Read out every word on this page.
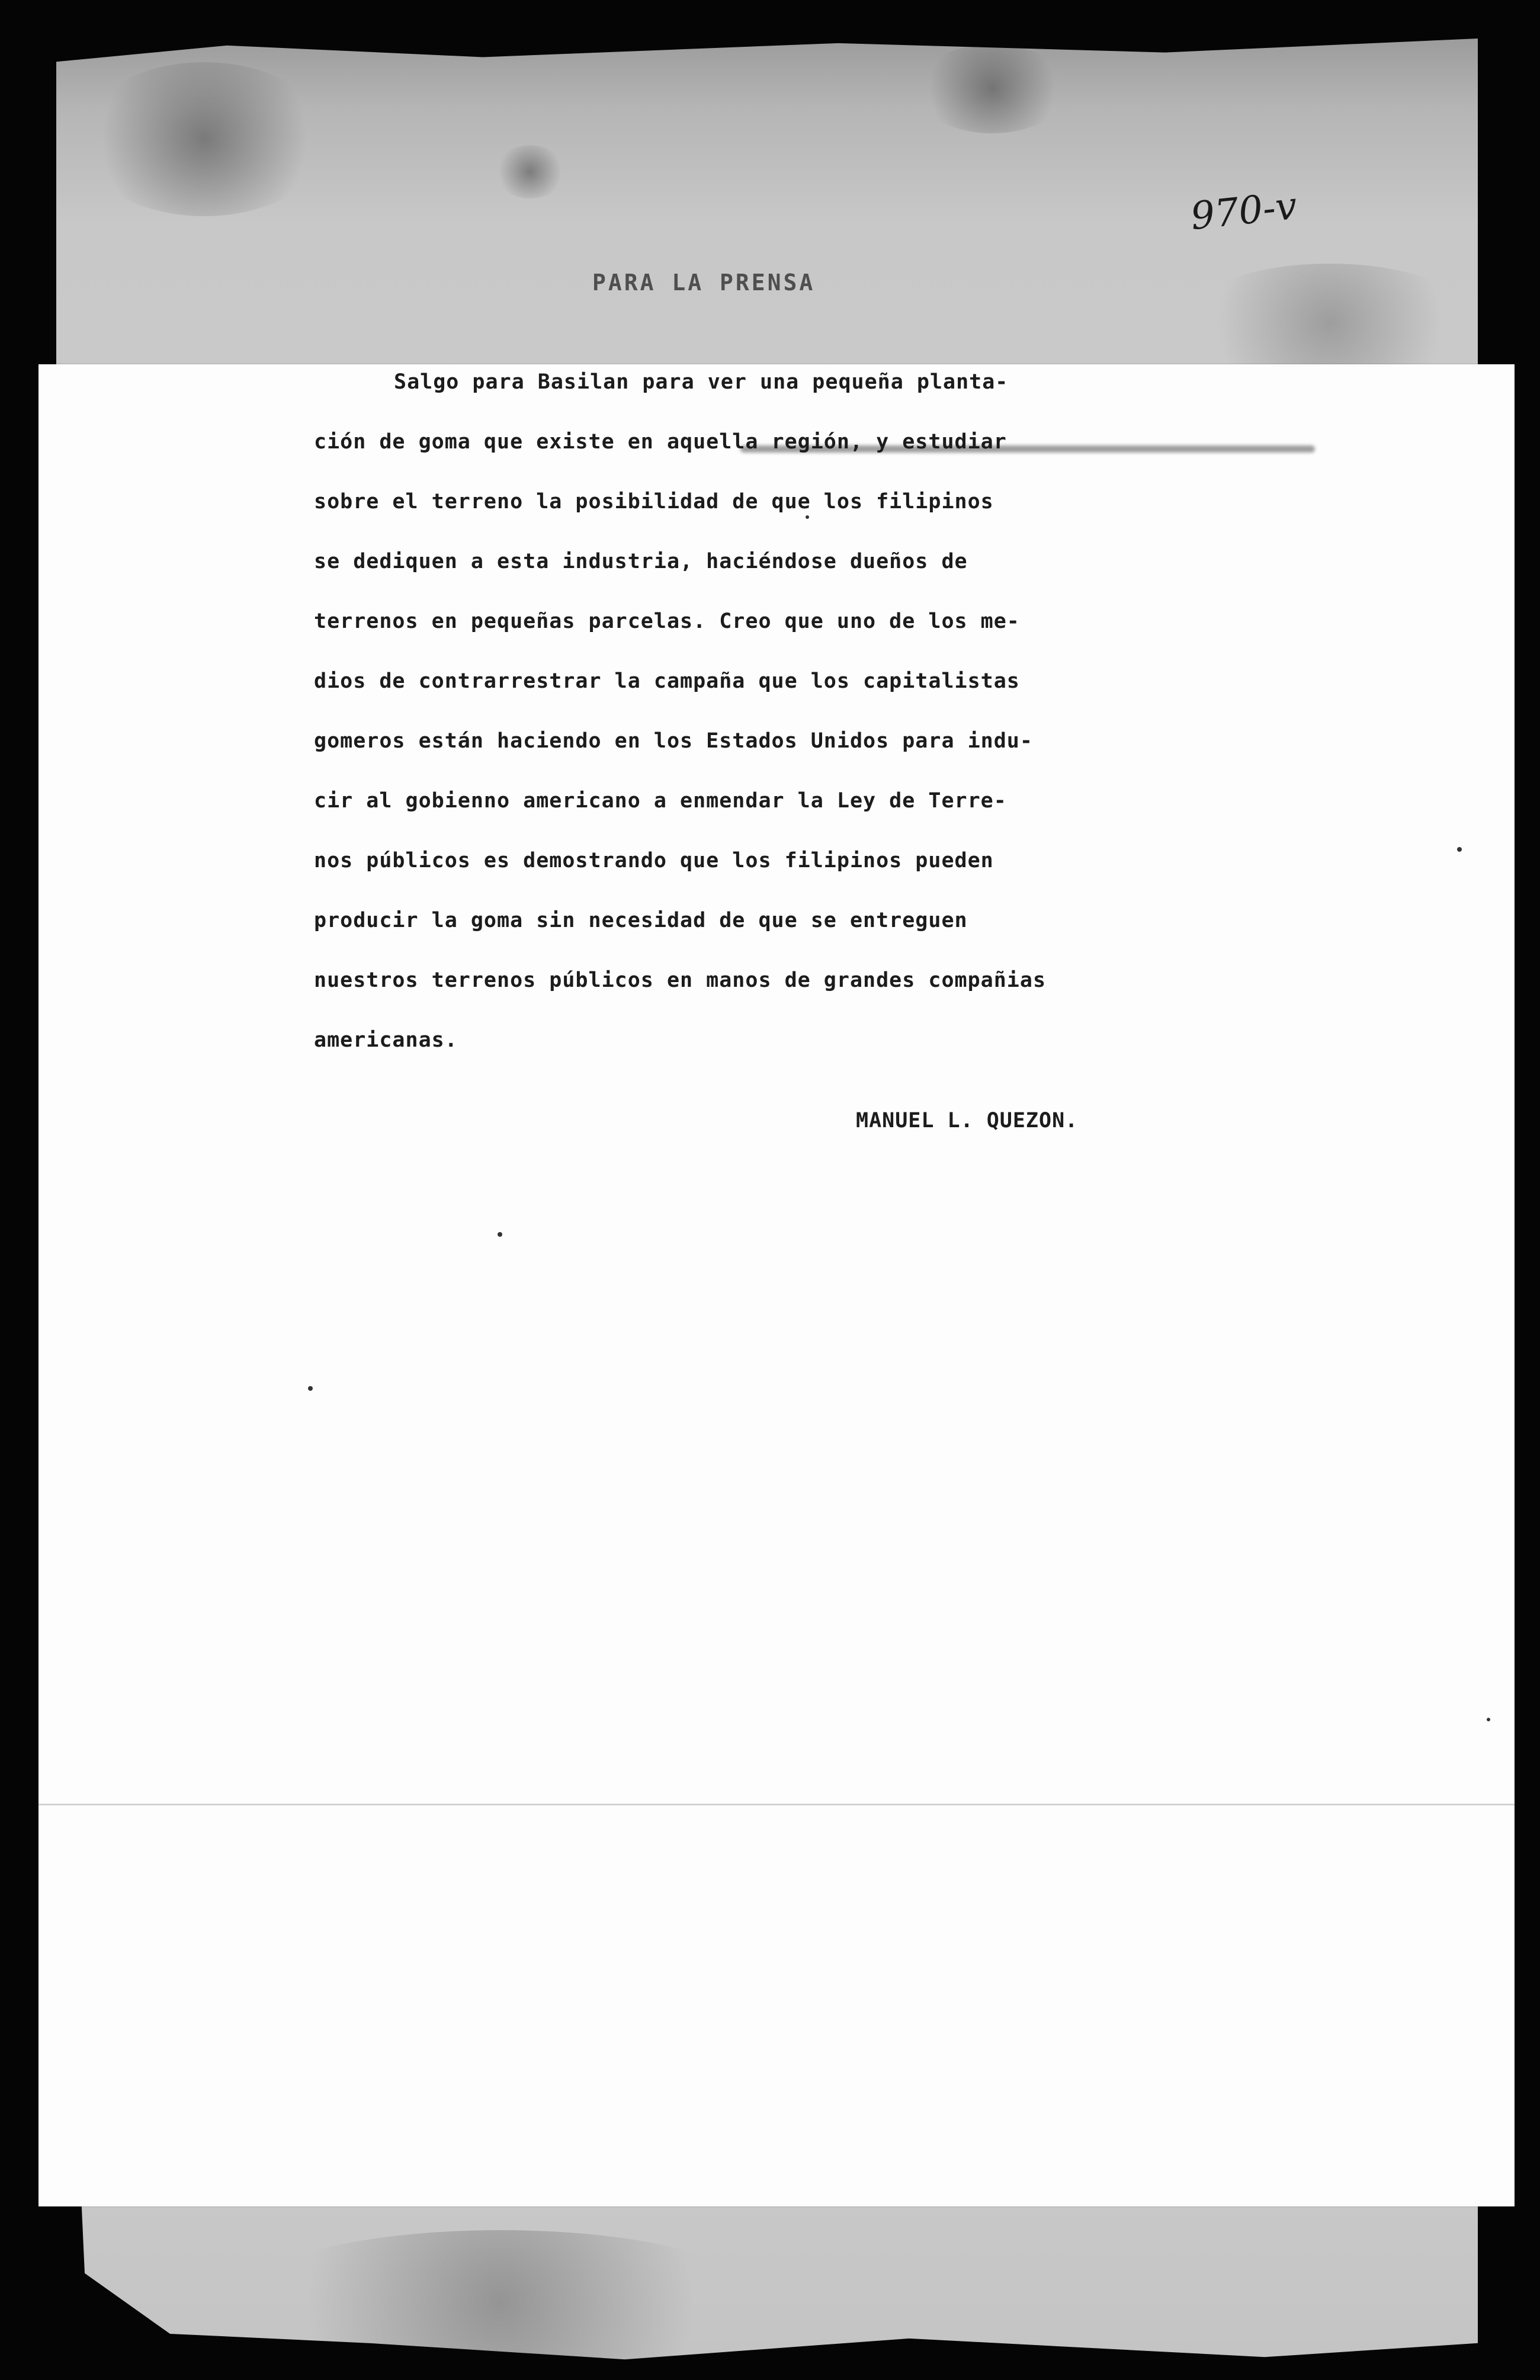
970-v
PARA LA PRENSA
Salgo para Basilan para ver una pequeña planta-
ción de goma que existe en aquella región, y estudiar
sobre el terreno la posibilidad de que los filipinos
se dediquen a esta industria, haciéndose dueños de
terrenos en pequeñas parcelas. Creo que uno de los me-
dios de contrarrestrar la campaña que los capitalistas
gomeros están haciendo en los Estados Unidos para indu-
cir al gobienno americano a enmendar la Ley de Terre-
nos públicos es demostrando que los filipinos pueden
producir la goma sin necesidad de que se entreguen
nuestros terrenos públicos en manos de grandes compañias
americanas.
MANUEL L. QUEZON.
